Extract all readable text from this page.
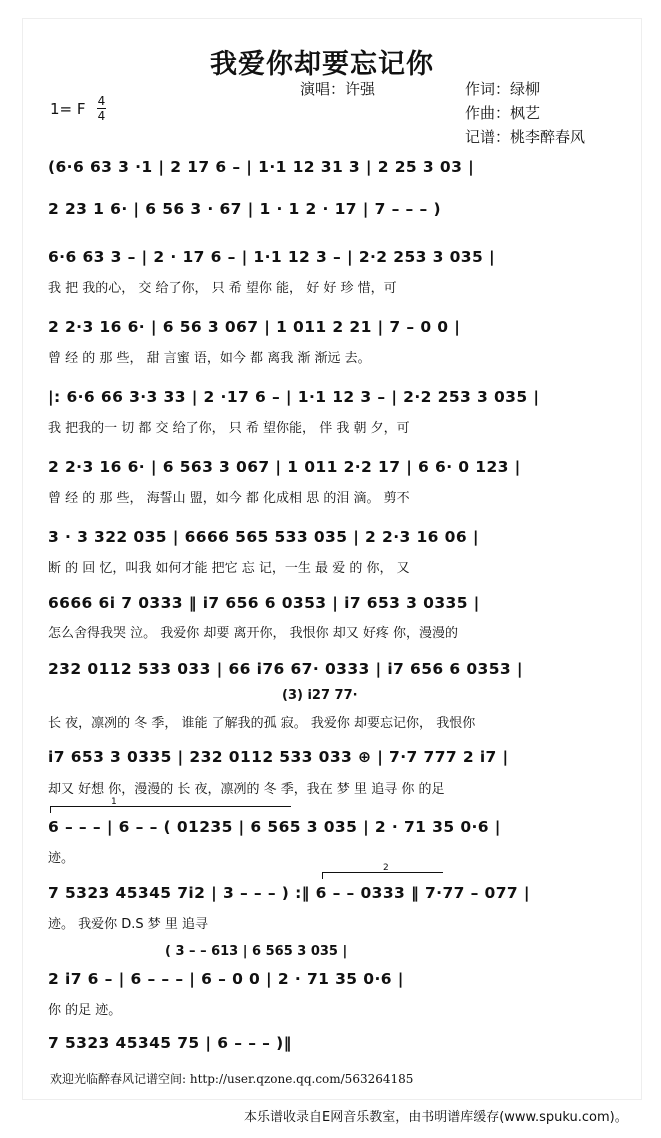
我爱你却要忘记你
演唱：许强	作词：绿柳
作曲：枫艺
记谱：桃李醉春风
1= F 4
4
(6·6 63 3 ·1 | 2 17 6 – | 1·1 12 31 3 | 2 25 3 03 |
2 23 1 6· | 6 56 3 · 67 | 1 · 1 2 · 17 | 7 – – – )
6·6 63 3 – | 2 · 17 6 – | 1·1 12 3 – | 2·2 253 3 035 |
我 把 我的心， 交 给了你， 只 希 望你 能， 好 好 珍 惜，可
2 2·3 16 6· | 6 56 3 067 | 1 011 2 21 | 7 – 0 0 |
曾 经 的 那 些， 甜 言蜜 语，如今 都 离我 渐 渐远 去。
|: 6·6 66 3·3 33 | 2 ·17 6 – | 1·1 12 3 – | 2·2 253 3 035 |
我 把我的一 切 都 交 给了你， 只 希 望你能， 伴 我 朝 夕，可
2 2·3 16 6· | 6 563 3 067 | 1 011 2·2 17 | 6 6· 0 123 |
曾 经 的 那 些， 海誓山 盟，如今 都 化成相 思 的泪 滴。 剪不
3 · 3 322 035 | 6666 565 533 035 | 2 2·3 16 06 |
断 的 回 忆，叫我 如何才能 把它 忘 记，一生 最 爱 的 你， 又
6666 6i 7 0333 ‖ i7 656 6 0353 | i7 653 3 0335 |
怎么舍得我哭 泣。 我爱你 却要 离开你， 我恨你 却又 好疼 你，漫漫的
232 0112 533 033 | 66 i76 67· 0333 | i7 656 6 0353 |
(3) i27 77·
长 夜，凛冽的 冬 季， 谁能 了解我的孤 寂。 我爱你 却要忘记你， 我恨你
i7 653 3 0335 | 232 0112 533 033 ⊕ | 7·7 777 2 i7 |
却又 好想 你，漫漫的 长 夜，凛冽的 冬 季，我在 梦 里 追寻 你 的足
1
6 – – – | 6 – – ( 01235 | 6 565 3 035 | 2 · 71 35 0·6 |
迹。
2
7 5323 45345 7i2 | 3 – – – ) :‖ 6 – – 0333 ‖ 7·77 – 077 |
迹。 我爱你 D.S 梦 里 追寻
( 3 – – 613 | 6 565 3 035 |
2 i7 6 – | 6 – – – | 6 – 0 0 | 2 · 71 35 0·6 |
你 的足 迹。
7 5323 45345 75 | 6 – – – )‖
欢迎光临醉春风记谱空间: http://user.qzone.qq.com/563264185
本乐谱收录自E网音乐教室，由书明谱库缓存(www.spuku.com)。
